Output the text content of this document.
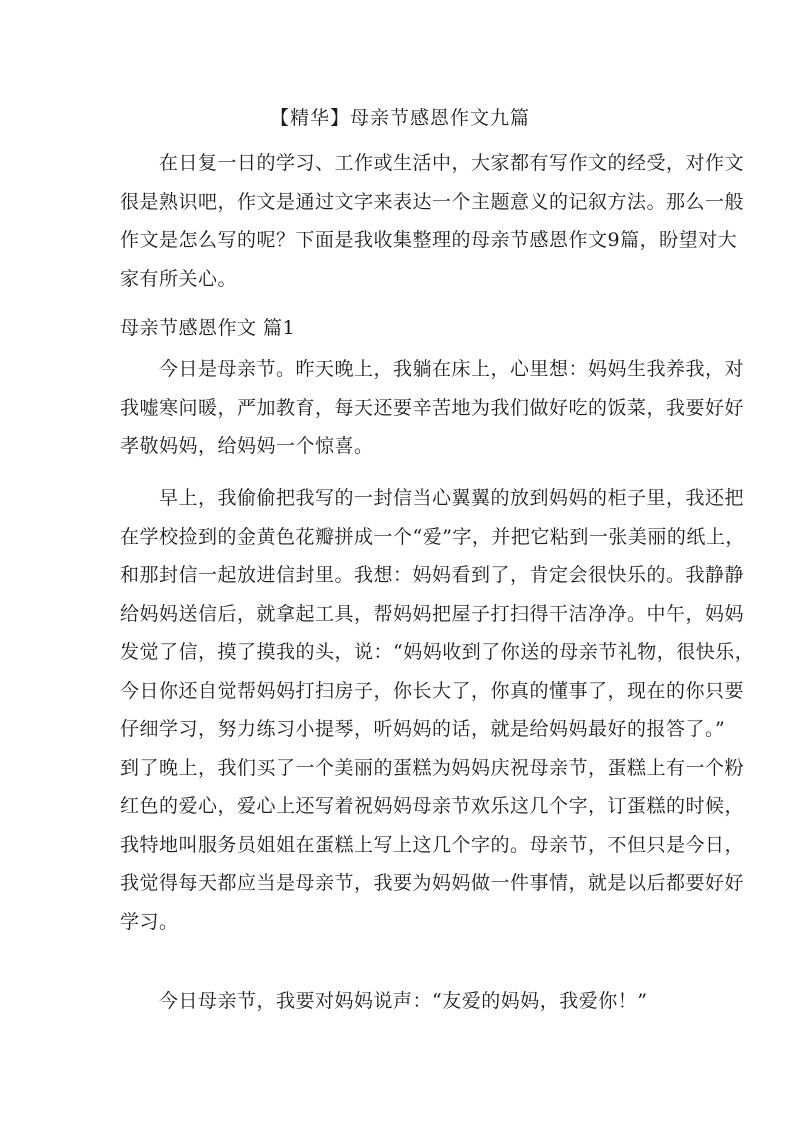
【精华】母亲节感恩作文九篇
　　在日复一日的学习、工作或生活中，大家都有写作文的经受，对作文
很是熟识吧，作文是通过文字来表达一个主题意义的记叙方法。那么一般
作文是怎么写的呢？下面是我收集整理的母亲节感恩作文9篇，盼望对大
家有所关心。
母亲节感恩作文 篇1
　　今日是母亲节。昨天晚上，我躺在床上，心里想：妈妈生我养我，对
我嘘寒问暖，严加教育，每天还要辛苦地为我们做好吃的饭菜，我要好好
孝敬妈妈，给妈妈一个惊喜。
　　早上，我偷偷把我写的一封信当心翼翼的放到妈妈的柜子里，我还把
在学校捡到的金黄色花瓣拼成一个“爱”字，并把它粘到一张美丽的纸上，
和那封信一起放进信封里。我想：妈妈看到了，肯定会很快乐的。我静静
给妈妈送信后，就拿起工具，帮妈妈把屋子打扫得干洁净净。中午，妈妈
发觉了信，摸了摸我的头，说：“妈妈收到了你送的母亲节礼物，很快乐，
今日你还自觉帮妈妈打扫房子，你长大了，你真的懂事了，现在的你只要
仔细学习，努力练习小提琴，听妈妈的话，就是给妈妈最好的报答了。”
到了晚上，我们买了一个美丽的蛋糕为妈妈庆祝母亲节，蛋糕上有一个粉
红色的爱心，爱心上还写着祝妈妈母亲节欢乐这几个字，订蛋糕的时候，
我特地叫服务员姐姐在蛋糕上写上这几个字的。母亲节，不但只是今日，
我觉得每天都应当是母亲节，我要为妈妈做一件事情，就是以后都要好好
学习。
　　今日母亲节，我要对妈妈说声：“友爱的妈妈，我爱你！”
